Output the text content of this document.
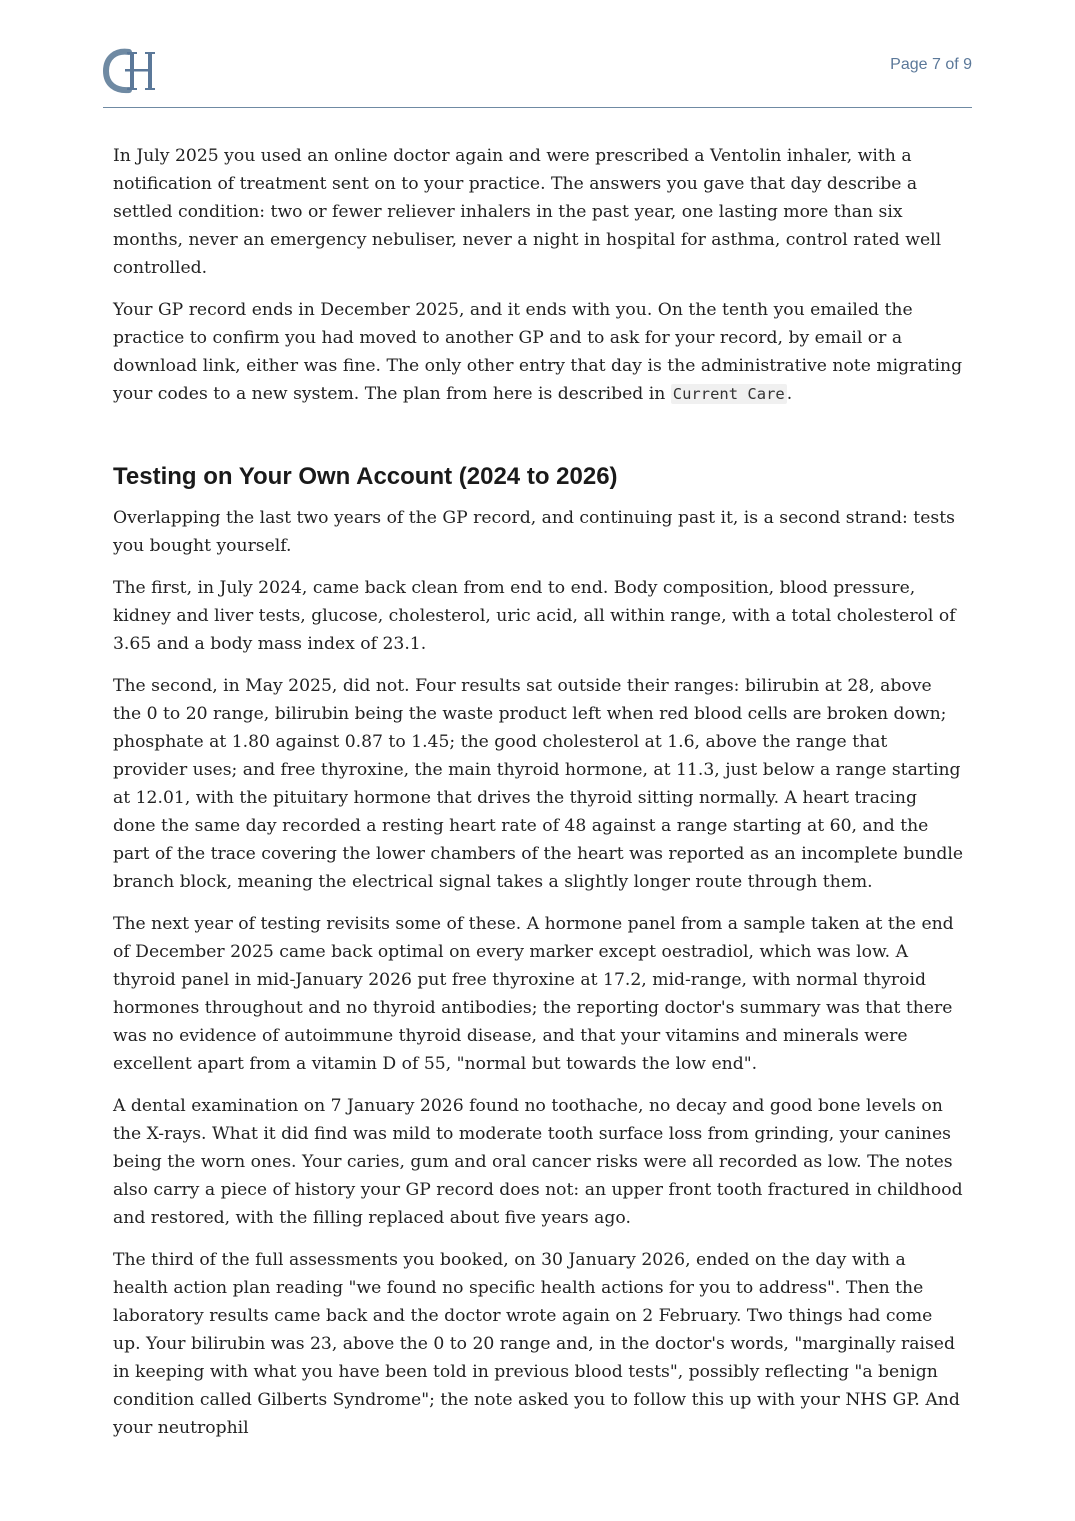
Page 7 of 9

In July 2025 you used an online doctor again and were prescribed a Ventolin inhaler, with a notification of treatment sent on to your practice. The answers you gave that day describe a settled condition: two or fewer reliever inhalers in the past year, one lasting more than six months, never an emergency nebuliser, never a night in hospital for asthma, control rated well controlled.

Your GP record ends in December 2025, and it ends with you. On the tenth you emailed the practice to confirm you had moved to another GP and to ask for your record, by email or a download link, either was fine. The only other entry that day is the administrative note migrating your codes to a new system. The plan from here is described in Current Care .

Testing on Your Own Account (2024 to 2026)

Overlapping the last two years of the GP record, and continuing past it, is a second strand: tests you bought yourself.

The first, in July 2024, came back clean from end to end. Body composition, blood pressure, kidney and liver tests, glucose, cholesterol, uric acid, all within range, with a total cholesterol of 3.65 and a body mass index of 23.1.

The second, in May 2025, did not. Four results sat outside their ranges: bilirubin at 28, above the 0 to 20 range, bilirubin being the waste product left when red blood cells are broken down; phosphate at 1.80 against 0.87 to 1.45; the good cholesterol at 1.6, above the range that provider uses; and free thyroxine, the main thyroid hormone, at 11.3, just below a range starting at 12.01, with the pituitary hormone that drives the thyroid sitting normally. A heart tracing done the same day recorded a resting heart rate of 48 against a range starting at 60, and the part of the trace covering the lower chambers of the heart was reported as an incomplete bundle branch block, meaning the electrical signal takes a slightly longer route through them.

The next year of testing revisits some of these. A hormone panel from a sample taken at the end of December 2025 came back optimal on every marker except oestradiol, which was low. A thyroid panel in mid-January 2026 put free thyroxine at 17.2, mid-range, with normal thyroid hormones throughout and no thyroid antibodies; the reporting doctor's summary was that there was no evidence of autoimmune thyroid disease, and that your vitamins and minerals were excellent apart from a vitamin D of 55, "normal but towards the low end".

A dental examination on 7 January 2026 found no toothache, no decay and good bone levels on the X-rays. What it did find was mild to moderate tooth surface loss from grinding, your canines being the worn ones. Your caries, gum and oral cancer risks were all recorded as low. The notes also carry a piece of history your GP record does not: an upper front tooth fractured in childhood and restored, with the filling replaced about five years ago.

The third of the full assessments you booked, on 30 January 2026, ended on the day with a health action plan reading "we found no specific health actions for you to address". Then the laboratory results came back and the doctor wrote again on 2 February. Two things had come up. Your bilirubin was 23, above the 0 to 20 range and, in the doctor's words, "marginally raised in keeping with what you have been told in previous blood tests", possibly reflecting "a benign condition called Gilberts Syndrome"; the note asked you to follow this up with your NHS GP. And your neutrophil
